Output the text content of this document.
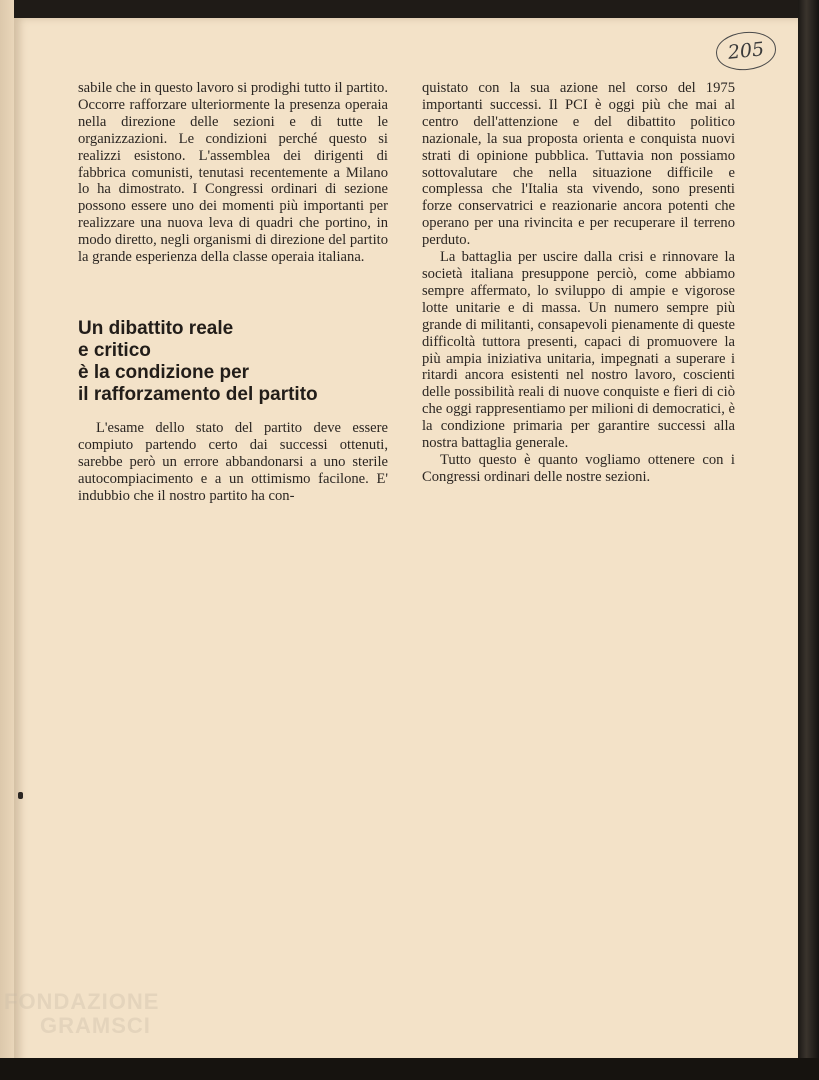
205

sabile che in questo lavoro si prodighi tutto il partito. Occorre rafforzare ulteriormente la presenza operaia nella direzione delle sezioni e di tutte le organizzazioni. Le condizioni perché questo si realizzi esistono. L'assemblea dei dirigenti di fabbrica comunisti, tenutasi recentemente a Milano lo ha dimostrato. I Congressi ordinari di sezione possono essere uno dei momenti più importanti per realizzare una nuova leva di quadri che portino, in modo diretto, negli organismi di direzione del partito la grande esperienza della classe operaia italiana.

Un dibattito reale
e critico
è la condizione per
il rafforzamento del partito

L'esame dello stato del partito deve essere compiuto partendo certo dai successi ottenuti, sarebbe però un errore abbandonarsi a uno sterile autocompiacimento e a un ottimismo facilone. E' indubbio che il nostro partito ha con-

quistato con la sua azione nel corso del 1975 importanti successi. Il PCI è oggi più che mai al centro dell'attenzione e del dibattito politico nazionale, la sua proposta orienta e conquista nuovi strati di opinione pubblica. Tuttavia non possiamo sottovalutare che nella situazione difficile e complessa che l'Italia sta vivendo, sono presenti forze conservatrici e reazionarie ancora potenti che operano per una rivincita e per recuperare il terreno perduto.

La battaglia per uscire dalla crisi e rinnovare la società italiana presuppone perciò, come abbiamo sempre affermato, lo sviluppo di ampie e vigorose lotte unitarie e di massa. Un numero sempre più grande di militanti, consapevoli pienamente di queste difficoltà tuttora presenti, capaci di promuovere la più ampia iniziativa unitaria, impegnati a superare i ritardi ancora esistenti nel nostro lavoro, coscienti delle possibilità reali di nuove conquiste e fieri di ciò che oggi rappresentiamo per milioni di democratici, è la condizione primaria per garantire successi alla nostra battaglia generale.

Tutto questo è quanto vogliamo ottenere con i Congressi ordinari delle nostre sezioni.

FONDAZIONE
GRAMSCI
